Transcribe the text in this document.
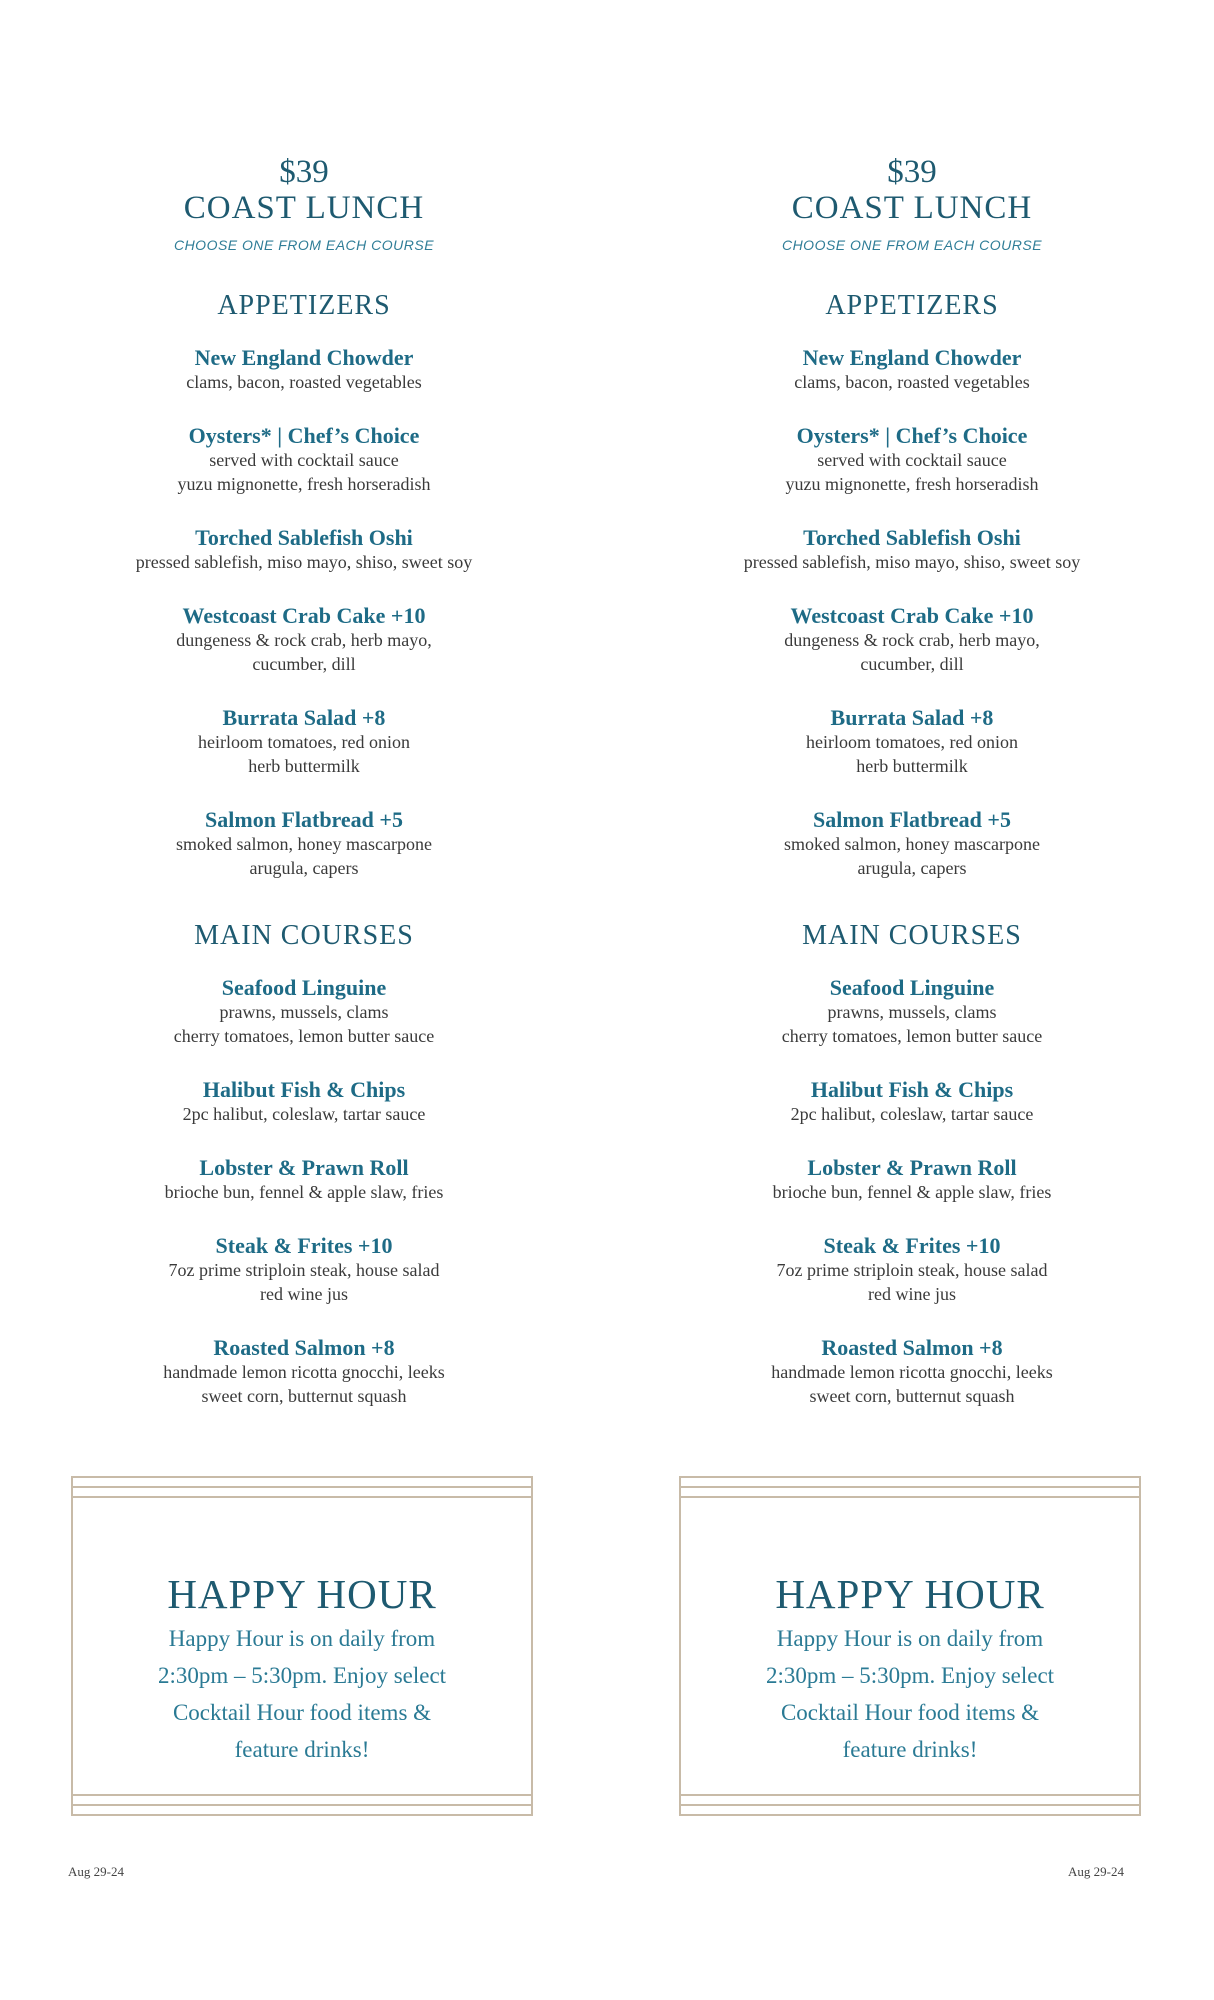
$39
COAST LUNCH
CHOOSE ONE FROM EACH COURSE
APPETIZERS
New England Chowder
clams, bacon, roasted vegetables
Oysters* | Chef’s Choice
served with cocktail sauce
yuzu mignonette, fresh horseradish
Torched Sablefish Oshi
pressed sablefish, miso mayo, shiso, sweet soy
Westcoast Crab Cake +10
dungeness & rock crab, herb mayo,
cucumber, dill
Burrata Salad +8
heirloom tomatoes, red onion
herb buttermilk
Salmon Flatbread +5
smoked salmon, honey mascarpone
arugula, capers
MAIN COURSES
Seafood Linguine
prawns, mussels, clams
cherry tomatoes, lemon butter sauce
Halibut Fish & Chips
2pc halibut, coleslaw, tartar sauce
Lobster & Prawn Roll
brioche bun, fennel & apple slaw, fries
Steak & Frites +10
7oz prime striploin steak, house salad
red wine jus
Roasted Salmon +8
handmade lemon ricotta gnocchi, leeks
sweet corn, butternut squash
$39
COAST LUNCH
CHOOSE ONE FROM EACH COURSE
APPETIZERS
New England Chowder
clams, bacon, roasted vegetables
Oysters* | Chef’s Choice
served with cocktail sauce
yuzu mignonette, fresh horseradish
Torched Sablefish Oshi
pressed sablefish, miso mayo, shiso, sweet soy
Westcoast Crab Cake +10
dungeness & rock crab, herb mayo,
cucumber, dill
Burrata Salad +8
heirloom tomatoes, red onion
herb buttermilk
Salmon Flatbread +5
smoked salmon, honey mascarpone
arugula, capers
MAIN COURSES
Seafood Linguine
prawns, mussels, clams
cherry tomatoes, lemon butter sauce
Halibut Fish & Chips
2pc halibut, coleslaw, tartar sauce
Lobster & Prawn Roll
brioche bun, fennel & apple slaw, fries
Steak & Frites +10
7oz prime striploin steak, house salad
red wine jus
Roasted Salmon +8
handmade lemon ricotta gnocchi, leeks
sweet corn, butternut squash
HAPPY HOUR
Happy Hour is on daily from
2:30pm – 5:30pm. Enjoy select
Cocktail Hour food items &
feature drinks!
HAPPY HOUR
Happy Hour is on daily from
2:30pm – 5:30pm. Enjoy select
Cocktail Hour food items &
feature drinks!
Aug 29-24	Aug 29-24
